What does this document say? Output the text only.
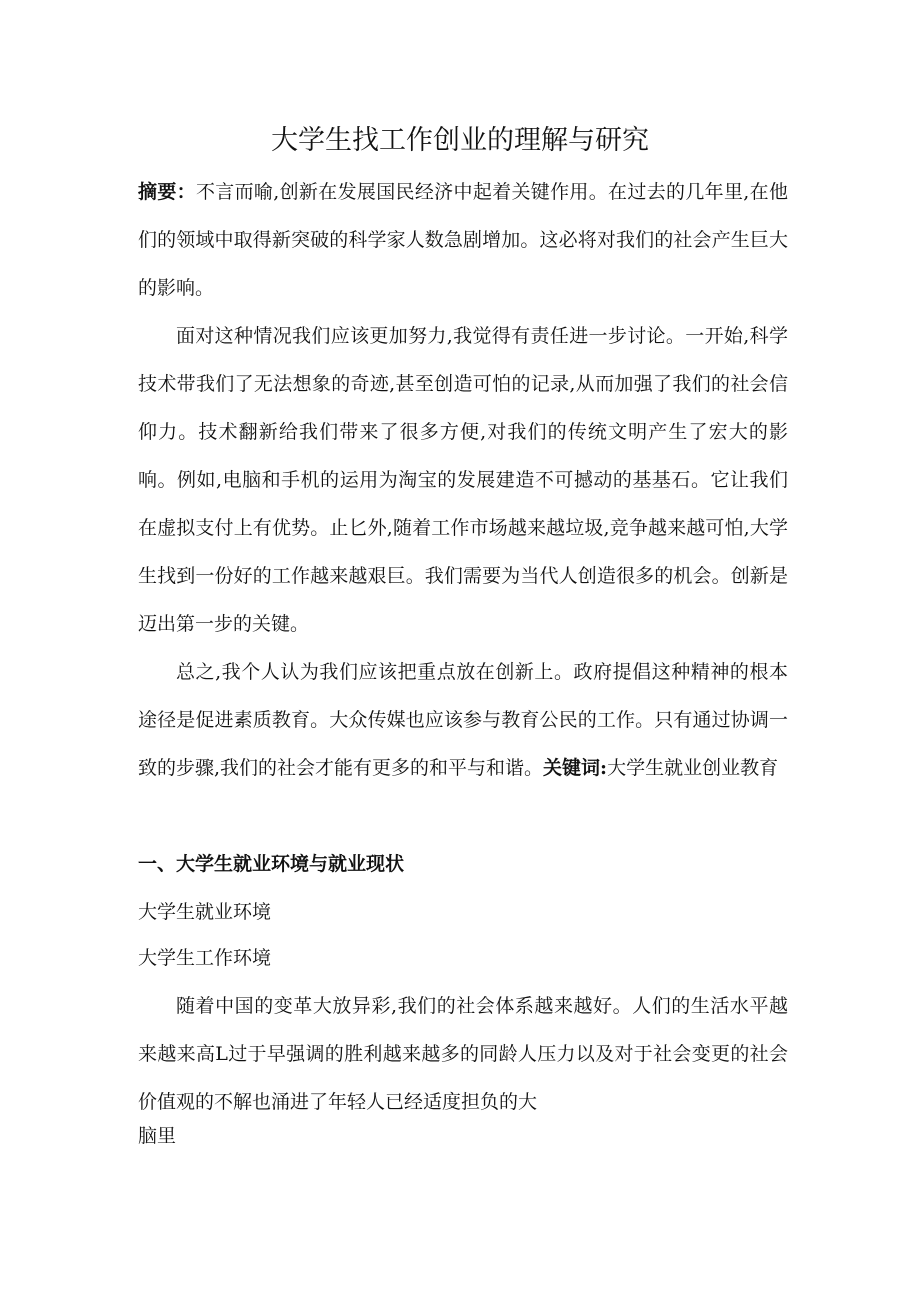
大学生找工作创业的理解与研究
摘要：不言而喻,创新在发展国民经济中起着关键作用。在过去的几年里,在他们的领域中取得新突破的科学家人数急剧增加。这必将对我们的社会产生巨大的影响。
面对这种情况我们应该更加努力,我觉得有责任进一步讨论。一开始,科学技术带我们了无法想象的奇迹,甚至创造可怕的记录,从而加强了我们的社会信仰力。技术翻新给我们带来了很多方便,对我们的传统文明产生了宏大的影响。例如,电脑和手机的运用为淘宝的发展建造不可撼动的基基石。它让我们在虚拟支付上有优势。止匕外,随着工作市场越来越垃圾,竞争越来越可怕,大学生找到一份好的工作越来越艰巨。我们需要为当代人创造很多的机会。创新是迈出第一步的关键。
总之,我个人认为我们应该把重点放在创新上。政府提倡这种精神的根本途径是促进素质教育。大众传媒也应该参与教育公民的工作。只有通过协调一致的步骤,我们的社会才能有更多的和平与和谐。关键词:大学生就业创业教育
一、大学生就业环境与就业现状
大学生就业环境
大学生工作环境
随着中国的变革大放异彩,我们的社会体系越来越好。人们的生活水平越来越来高L过于早强调的胜利越来越多的同龄人压力以及对于社会变更的社会价值观的不解也涌进了年轻人已经适度担负的大
脑里
